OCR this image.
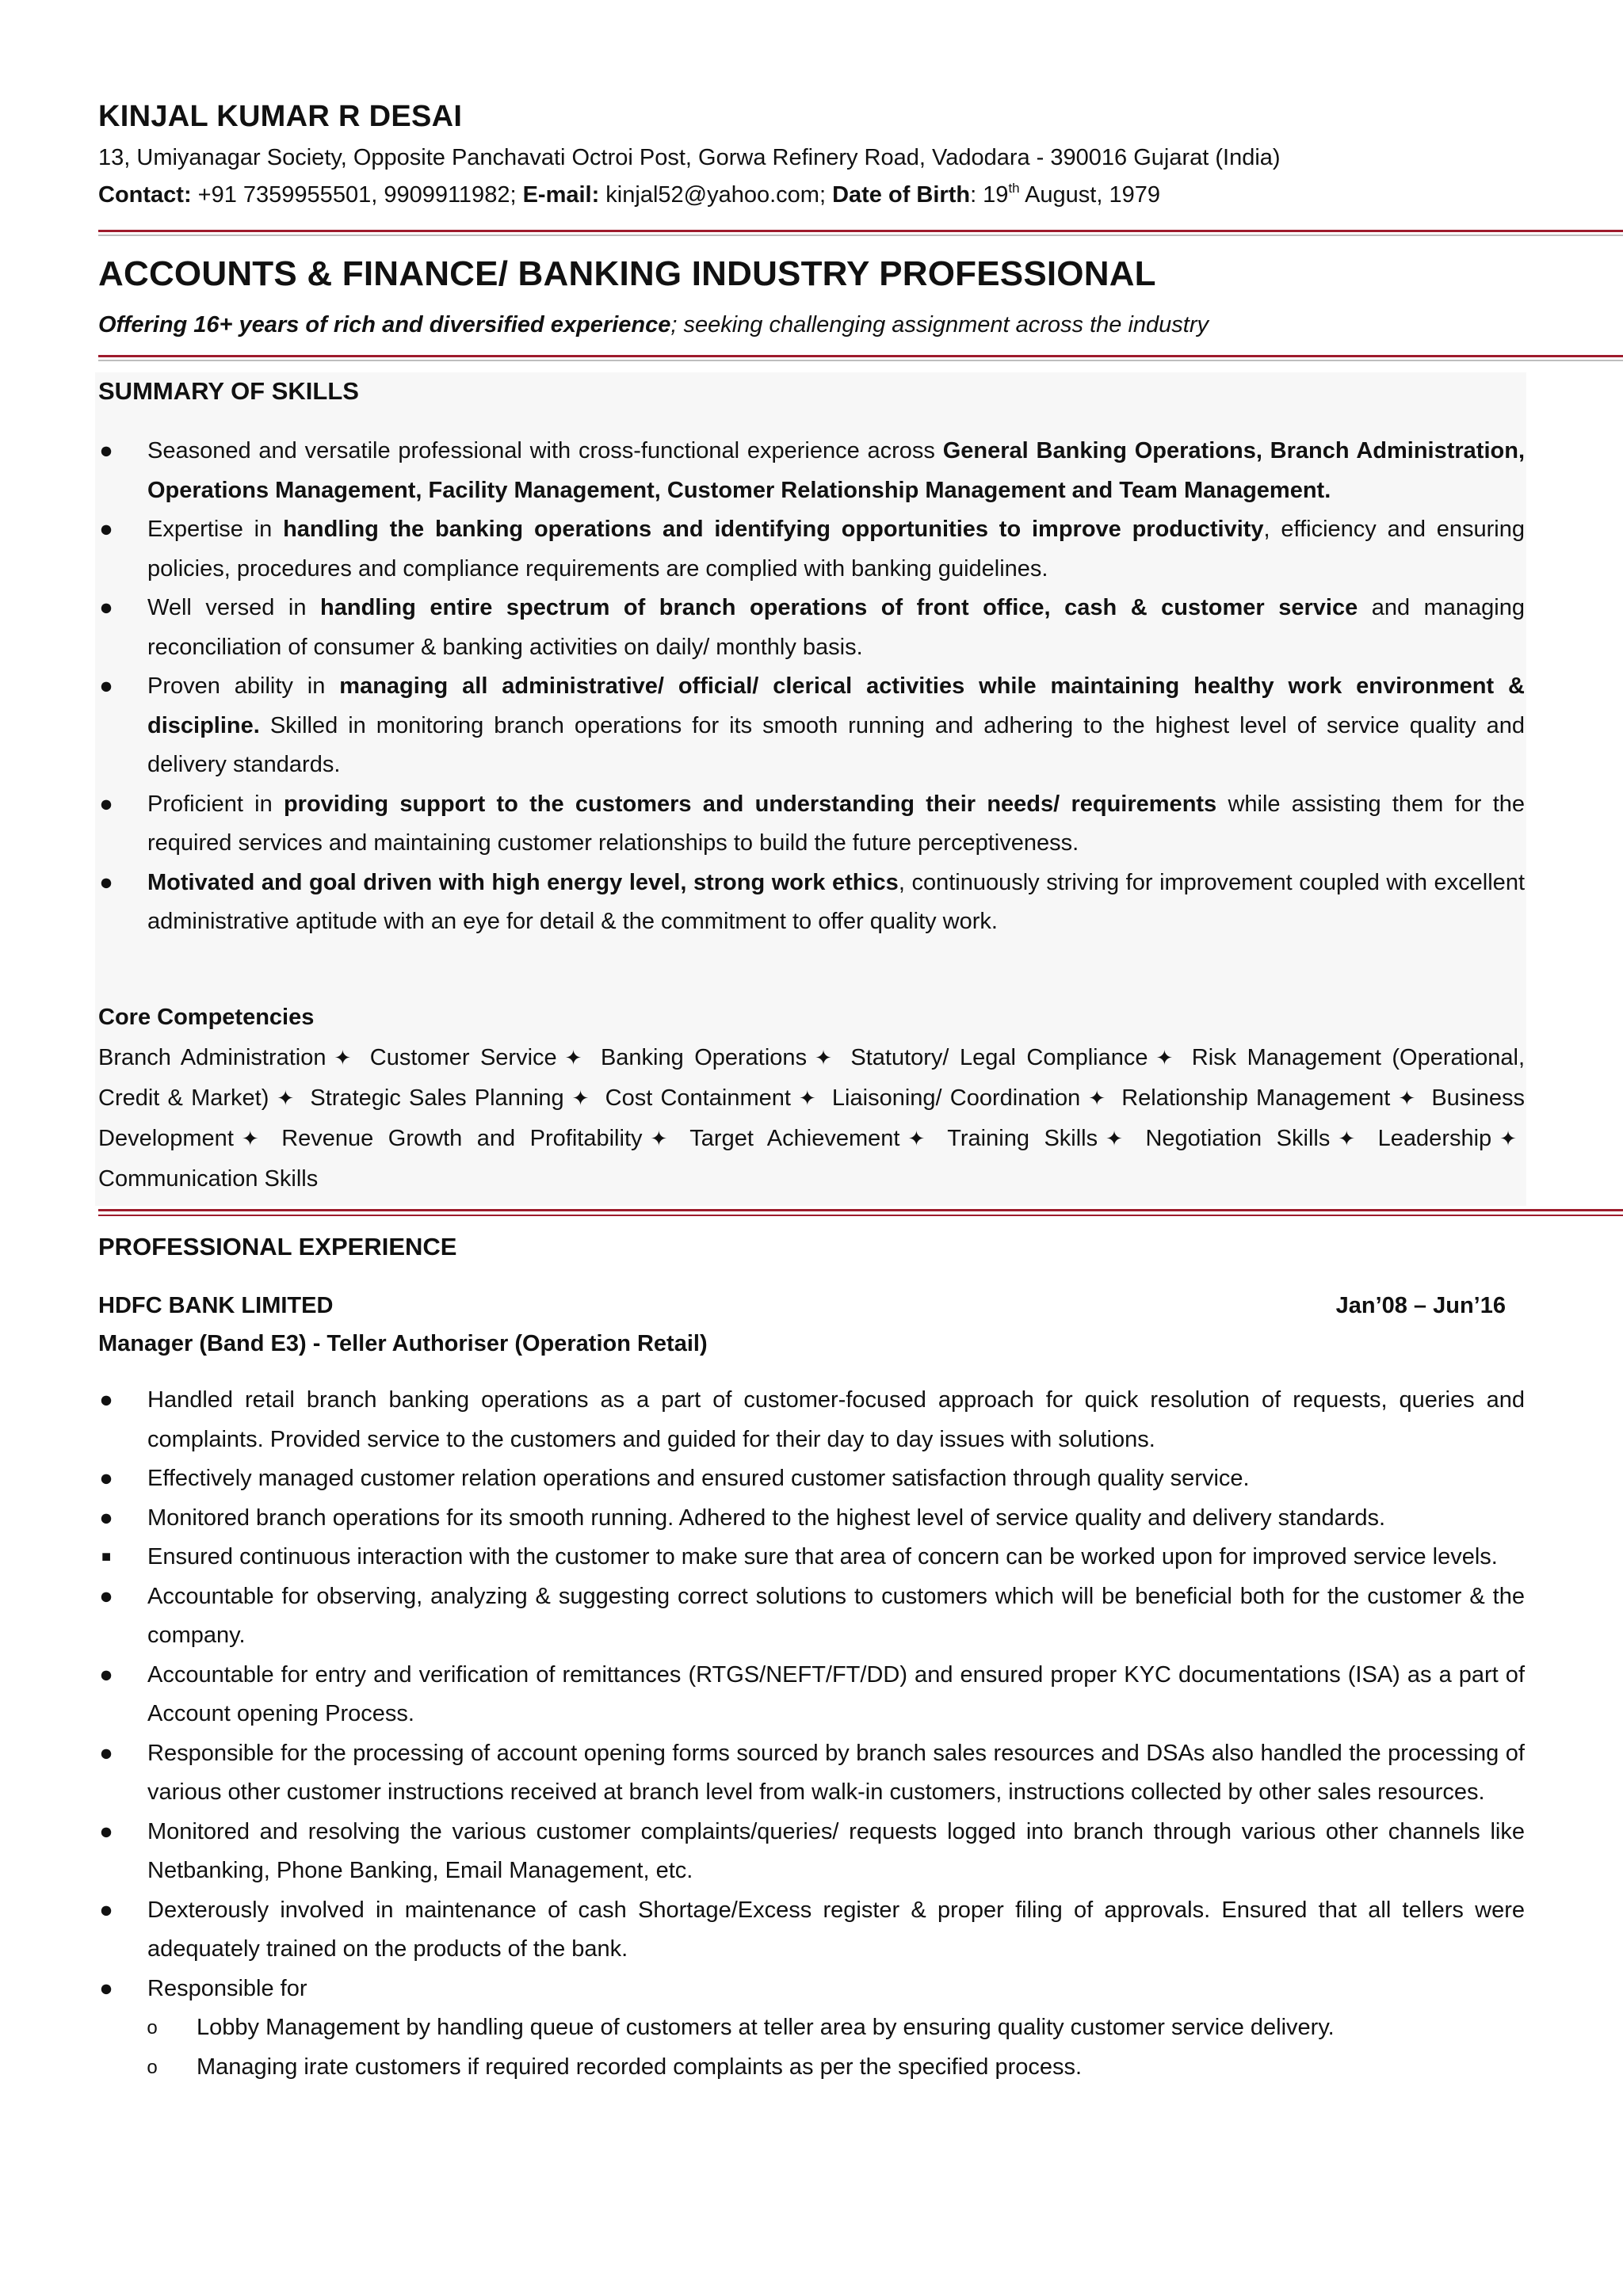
KINJAL KUMAR R DESAI
13, Umiyanagar Society, Opposite Panchavati Octroi Post, Gorwa Refinery Road, Vadodara - 390016 Gujarat (India)
Contact: +91 7359955501, 9909911982; E-mail: kinjal52@yahoo.com; Date of Birth: 19th August, 1979
ACCOUNTS & FINANCE/ BANKING INDUSTRY PROFESSIONAL
Offering 16+ years of rich and diversified experience; seeking challenging assignment across the industry
SUMMARY OF SKILLS
● Seasoned and versatile professional with cross-functional experience across General Banking Operations, Branch Administration, Operations Management, Facility Management, Customer Relationship Management and Team Management.
● Expertise in handling the banking operations and identifying opportunities to improve productivity, efficiency and ensuring policies, procedures and compliance requirements are complied with banking guidelines.
● Well versed in handling entire spectrum of branch operations of front office, cash & customer service and managing reconciliation of consumer & banking activities on daily/ monthly basis.
● Proven ability in managing all administrative/ official/ clerical activities while maintaining healthy work environment & discipline. Skilled in monitoring branch operations for its smooth running and adhering to the highest level of service quality and delivery standards.
● Proficient in providing support to the customers and understanding their needs/ requirements while assisting them for the required services and maintaining customer relationships to build the future perceptiveness.
● Motivated and goal driven with high energy level, strong work ethics, continuously striving for improvement coupled with excellent administrative aptitude with an eye for detail & the commitment to offer quality work.
Core Competencies
Branch Administration ✦ Customer Service ✦ Banking Operations ✦ Statutory/ Legal Compliance ✦ Risk Management (Operational, Credit & Market) ✦ Strategic Sales Planning ✦ Cost Containment ✦ Liaisoning/ Coordination ✦ Relationship Management ✦ Business Development ✦ Revenue Growth and Profitability ✦ Target Achievement ✦ Training Skills ✦ Negotiation Skills ✦ Leadership ✦ Communication Skills
PROFESSIONAL EXPERIENCE
HDFC BANK LIMITED	Jan’08 – Jun’16
Manager (Band E3) - Teller Authoriser (Operation Retail)
● Handled retail branch banking operations as a part of customer-focused approach for quick resolution of requests, queries and complaints. Provided service to the customers and guided for their day to day issues with solutions.
● Effectively managed customer relation operations and ensured customer satisfaction through quality service.
● Monitored branch operations for its smooth running. Adhered to the highest level of service quality and delivery standards.
■ Ensured continuous interaction with the customer to make sure that area of concern can be worked upon for improved service levels.
● Accountable for observing, analyzing & suggesting correct solutions to customers which will be beneficial both for the customer & the company.
● Accountable for entry and verification of remittances (RTGS/NEFT/FT/DD) and ensured proper KYC documentations (ISA) as a part of Account opening Process.
● Responsible for the processing of account opening forms sourced by branch sales resources and DSAs also handled the processing of various other customer instructions received at branch level from walk-in customers, instructions collected by other sales resources.
● Monitored and resolving the various customer complaints/queries/ requests logged into branch through various other channels like Netbanking, Phone Banking, Email Management, etc.
● Dexterously involved in maintenance of cash Shortage/Excess register & proper filing of approvals. Ensured that all tellers were adequately trained on the products of the bank.
● Responsible for
o Lobby Management by handling queue of customers at teller area by ensuring quality customer service delivery.
o Managing irate customers if required recorded complaints as per the specified process.
